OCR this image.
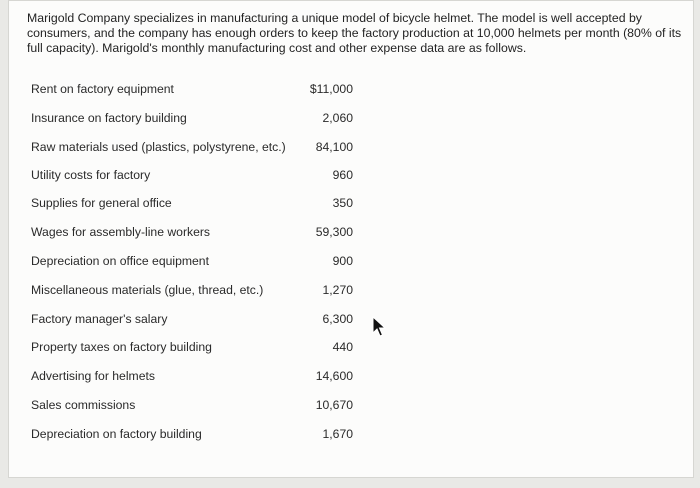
Marigold Company specializes in manufacturing a unique model of bicycle helmet. The model is well accepted by consumers, and the company has enough orders to keep the factory production at 10,000 helmets per month (80% of its full capacity). Marigold's monthly manufacturing cost and other expense data are as follows.
Rent on factory equipment	$11,000
Insurance on factory building	2,060
Raw materials used (plastics, polystyrene, etc.) 84,100
Utility costs for factory	960
Supplies for general office	350
Wages for assembly-line workers	59,300
Depreciation on office equipment	900
Miscellaneous materials (glue, thread, etc.)	1,270
Factory manager's salary	6,300
Property taxes on factory building	440
Advertising for helmets	14,600
Sales commissions	10,670
Depreciation on factory building	1,670
